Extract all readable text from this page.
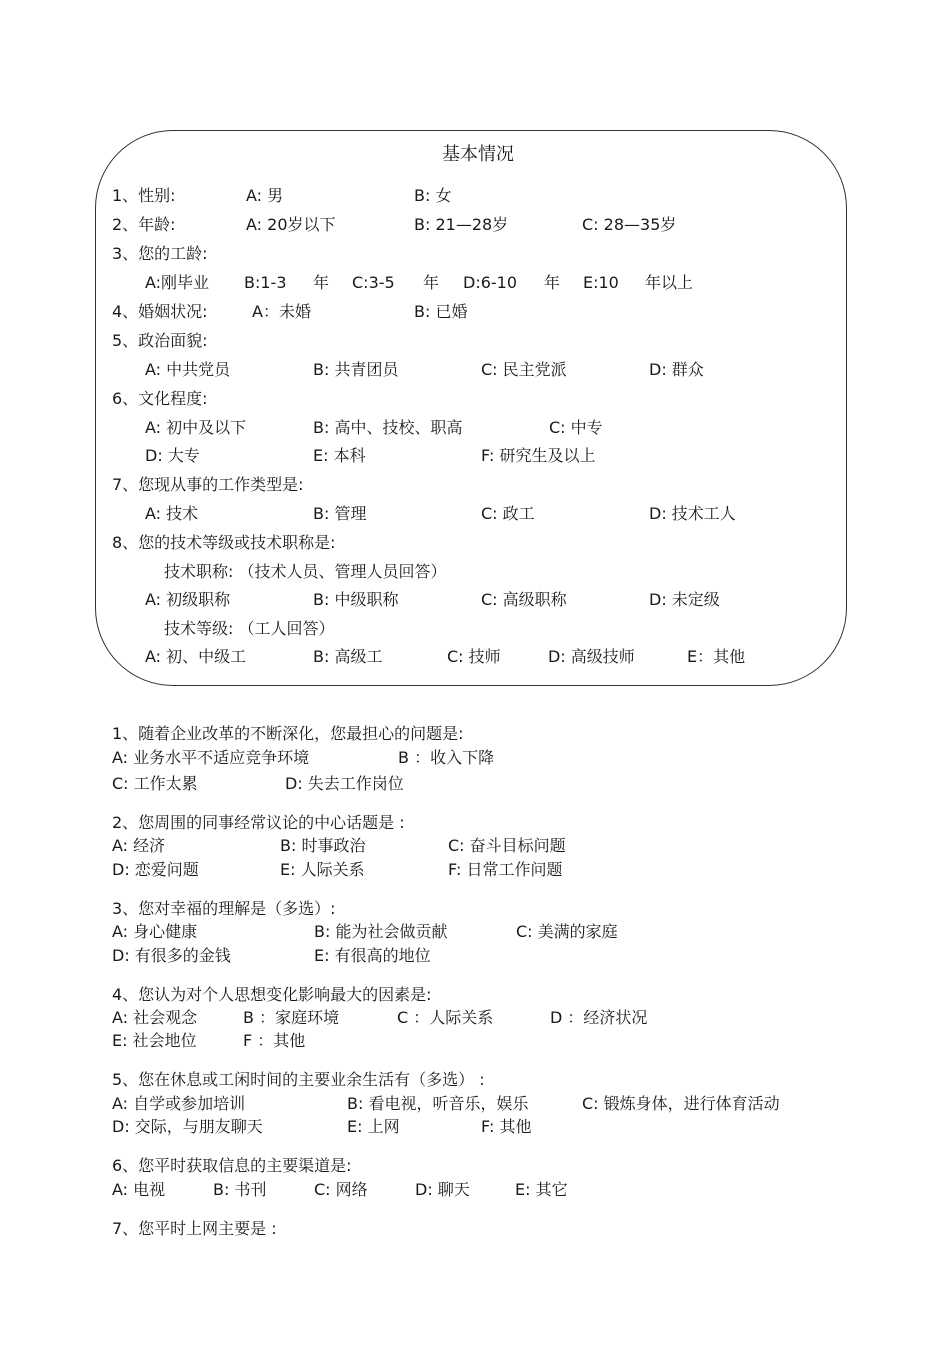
基本情况
1、性别:	A: 男	B: 女
2、年龄:	A: 20岁以下	B: 21—28岁	C: 28—35岁
3、您的工龄:
A:刚毕业 B:1-3 年 C:3-5 年 D:6-10 年 E:10 年以上
4、婚姻状况:	A：未婚	B: 已婚
5、政治面貌:
A: 中共党员	B: 共青团员	C: 民主党派	D: 群众
6、文化程度:
A: 初中及以下	B: 高中、技校、职高	C: 中专
D: 大专	E: 本科	F: 研究生及以上
7、您现从事的工作类型是:
A: 技术	B: 管理	C: 政工	D: 技术工人
8、您的技术等级或技术职称是:
技术职称: （技术人员、管理人员回答）
A: 初级职称	B: 中级职称	C: 高级职称	D: 未定级
技术等级: （工人回答）
A: 初、中级工	B: 高级工	C: 技师	D: 高级技师	E：其他
1、随着企业改革的不断深化，您最担心的问题是:
A: 业务水平不适应竞争环境	B ：收入下降
C: 工作太累	D: 失去工作岗位
2、您周围的同事经常议论的中心话题是 :
A: 经济	B: 时事政治	C: 奋斗目标问题
D: 恋爱问题	E: 人际关系	F: 日常工作问题
3、您对幸福的理解是（多选）:
A: 身心健康	B: 能为社会做贡献	C: 美满的家庭
D: 有很多的金钱	E: 有很高的地位
4、您认为对个人思想变化影响最大的因素是:
A: 社会观念	B ：家庭环境	C ：人际关系	D ：经济状况
E: 社会地位	F ：其他
5、您在休息或工闲时间的主要业余生活有（多选） :
A: 自学或参加培训	B: 看电视，听音乐，娱乐	C: 锻炼身体，进行体育活动
D: 交际，与朋友聊天	E: 上网	F: 其他
6、您平时获取信息的主要渠道是:
A: 电视	B: 书刊	C: 网络	D: 聊天	E: 其它
7、您平时上网主要是 :
